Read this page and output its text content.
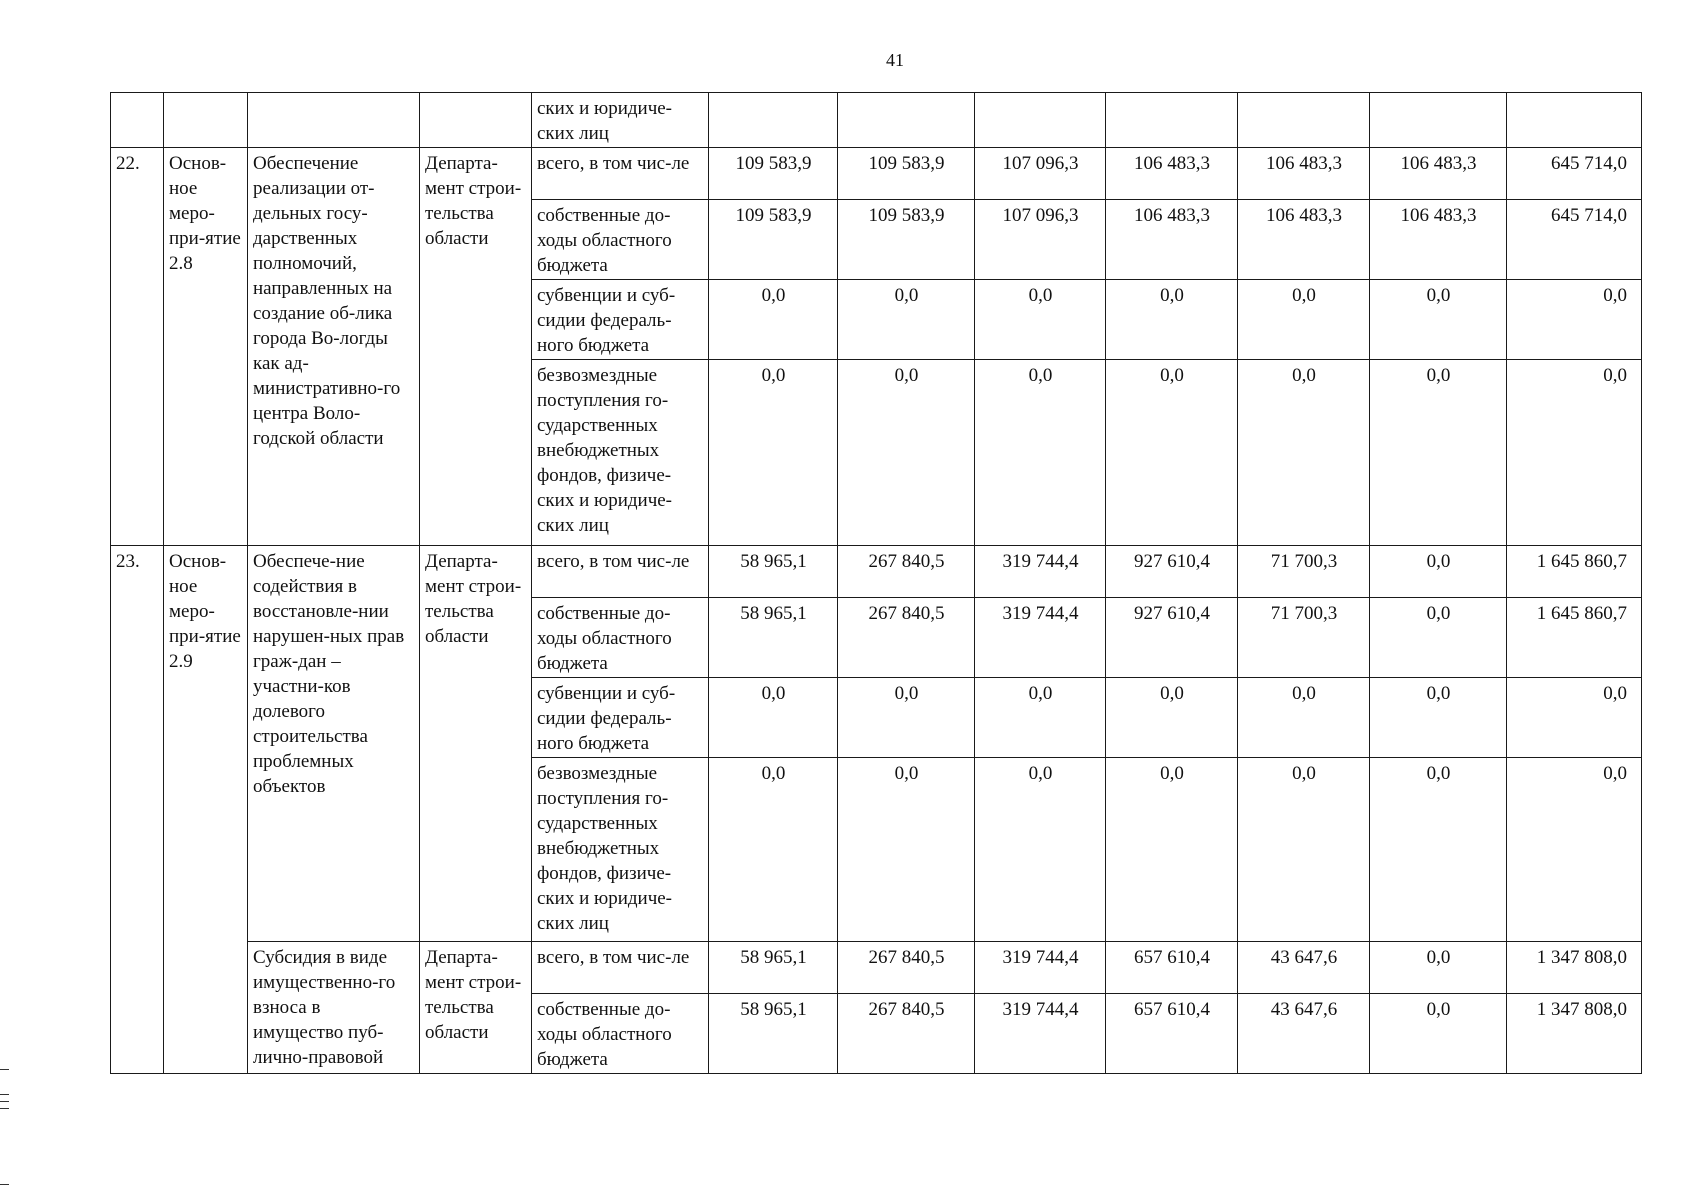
41
				ских и юридиче-ских лиц							
22.	Основ-ное меро-при-ятие 2.8	Обеспечение реализации от-дельных госу-дарственных полномочий, направленных на создание об-лика города Во-логды как ад-министративно-го центра Воло-годской области	Департа-мент строи-тельства области	всего, в том чис-ле	109 583,9	109 583,9	107 096,3	106 483,3	106 483,3	106 483,3	645 714,0
				собственные до-ходы областного бюджета	109 583,9	109 583,9	107 096,3	106 483,3	106 483,3	106 483,3	645 714,0
				субвенции и суб-сидии федераль-ного бюджета	0,0	0,0	0,0	0,0	0,0	0,0	0,0
				безвозмездные поступления го-сударственных внебюджетных фондов, физиче-ских и юридиче-ских лиц	0,0	0,0	0,0	0,0	0,0	0,0	0,0
23.	Основ-ное меро-при-ятие 2.9	Обеспече-ние содействия в восстановле-нии нарушен-ных прав граж-дан – участни-ков долевого строительства проблемных объектов	Департа-мент строи-тельства области	всего, в том чис-ле	58 965,1	267 840,5	319 744,4	927 610,4	71 700,3	0,0	1 645 860,7
				собственные до-ходы областного бюджета	58 965,1	267 840,5	319 744,4	927 610,4	71 700,3	0,0	1 645 860,7
				субвенции и суб-сидии федераль-ного бюджета	0,0	0,0	0,0	0,0	0,0	0,0	0,0
				безвозмездные поступления го-сударственных внебюджетных фондов, физиче-ских и юридиче-ских лиц	0,0	0,0	0,0	0,0	0,0	0,0	0,0
		Субсидия в виде имущественно-го взноса в имущество пуб-лично-правовой	Департа-мент строи-тельства области	всего, в том чис-ле	58 965,1	267 840,5	319 744,4	657 610,4	43 647,6	0,0	1 347 808,0
				собственные до-ходы областного бюджета	58 965,1	267 840,5	319 744,4	657 610,4	43 647,6	0,0	1 347 808,0
